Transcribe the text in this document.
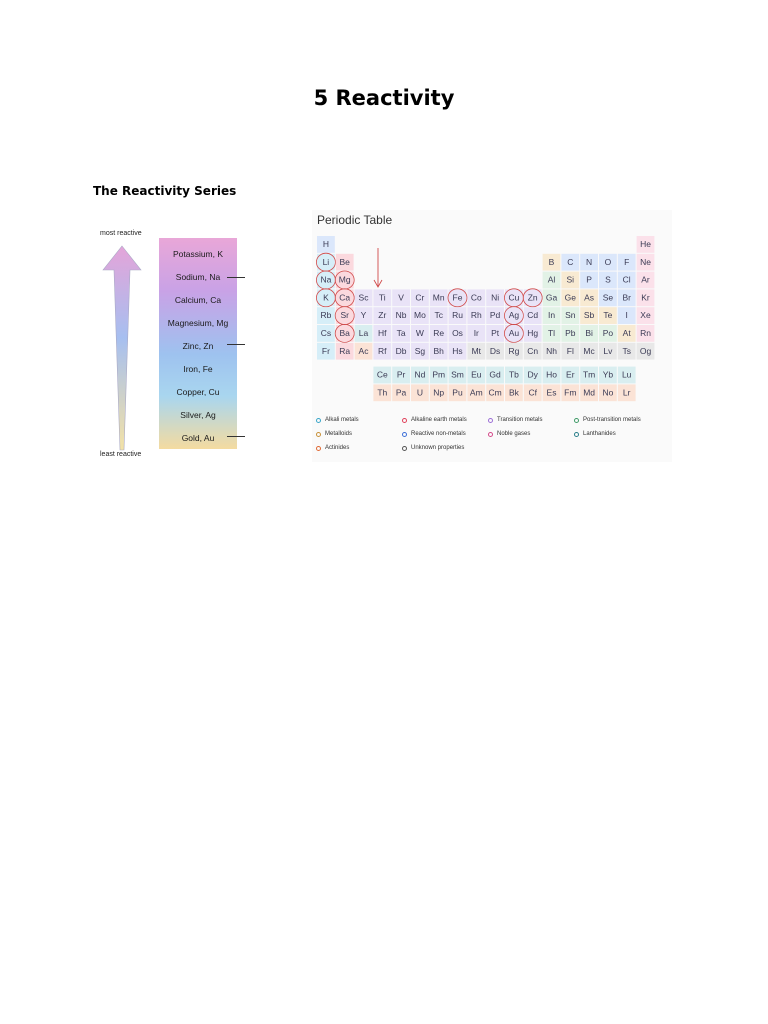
5 Reactivity
The Reactivity Series
most reactive
least reactive
Potassium, K
Sodium, Na
Calcium, Ca
Magnesium, Mg
Zinc, Zn
Iron, Fe
Copper, Cu
Silver, Ag
Gold, Au
Periodic Table
H	He
Li Be	B C N O F Ne
Na Mg	Al Si P S Cl Ar
K Ca Sc Ti V Cr Mn Fe Co Ni Cu Zn Ga Ge As Se Br Kr
Rb Sr Y Zr Nb Mo Tc Ru Rh Pd Ag Cd In Sn Sb Te I Xe
Cs Ba La Hf Ta W Re Os Ir Pt Au Hg Tl Pb Bi Po At Rn
Fr Ra Ac Rf Db Sg Bh Hs Mt Ds Rg Cn Nh Fl Mc Lv Ts Og
Ce Pr Nd Pm Sm Eu Gd Tb Dy Ho Er Tm Yb Lu
Th Pa U Np Pu Am Cm Bk Cf Es Fm Md No Lr
Alkali metals	Alkaline earth metals	Transition metals	Post-transition metals
Metalloids	Reactive non-metals	Noble gases	Lanthanides
Actinides	Unknown properties
